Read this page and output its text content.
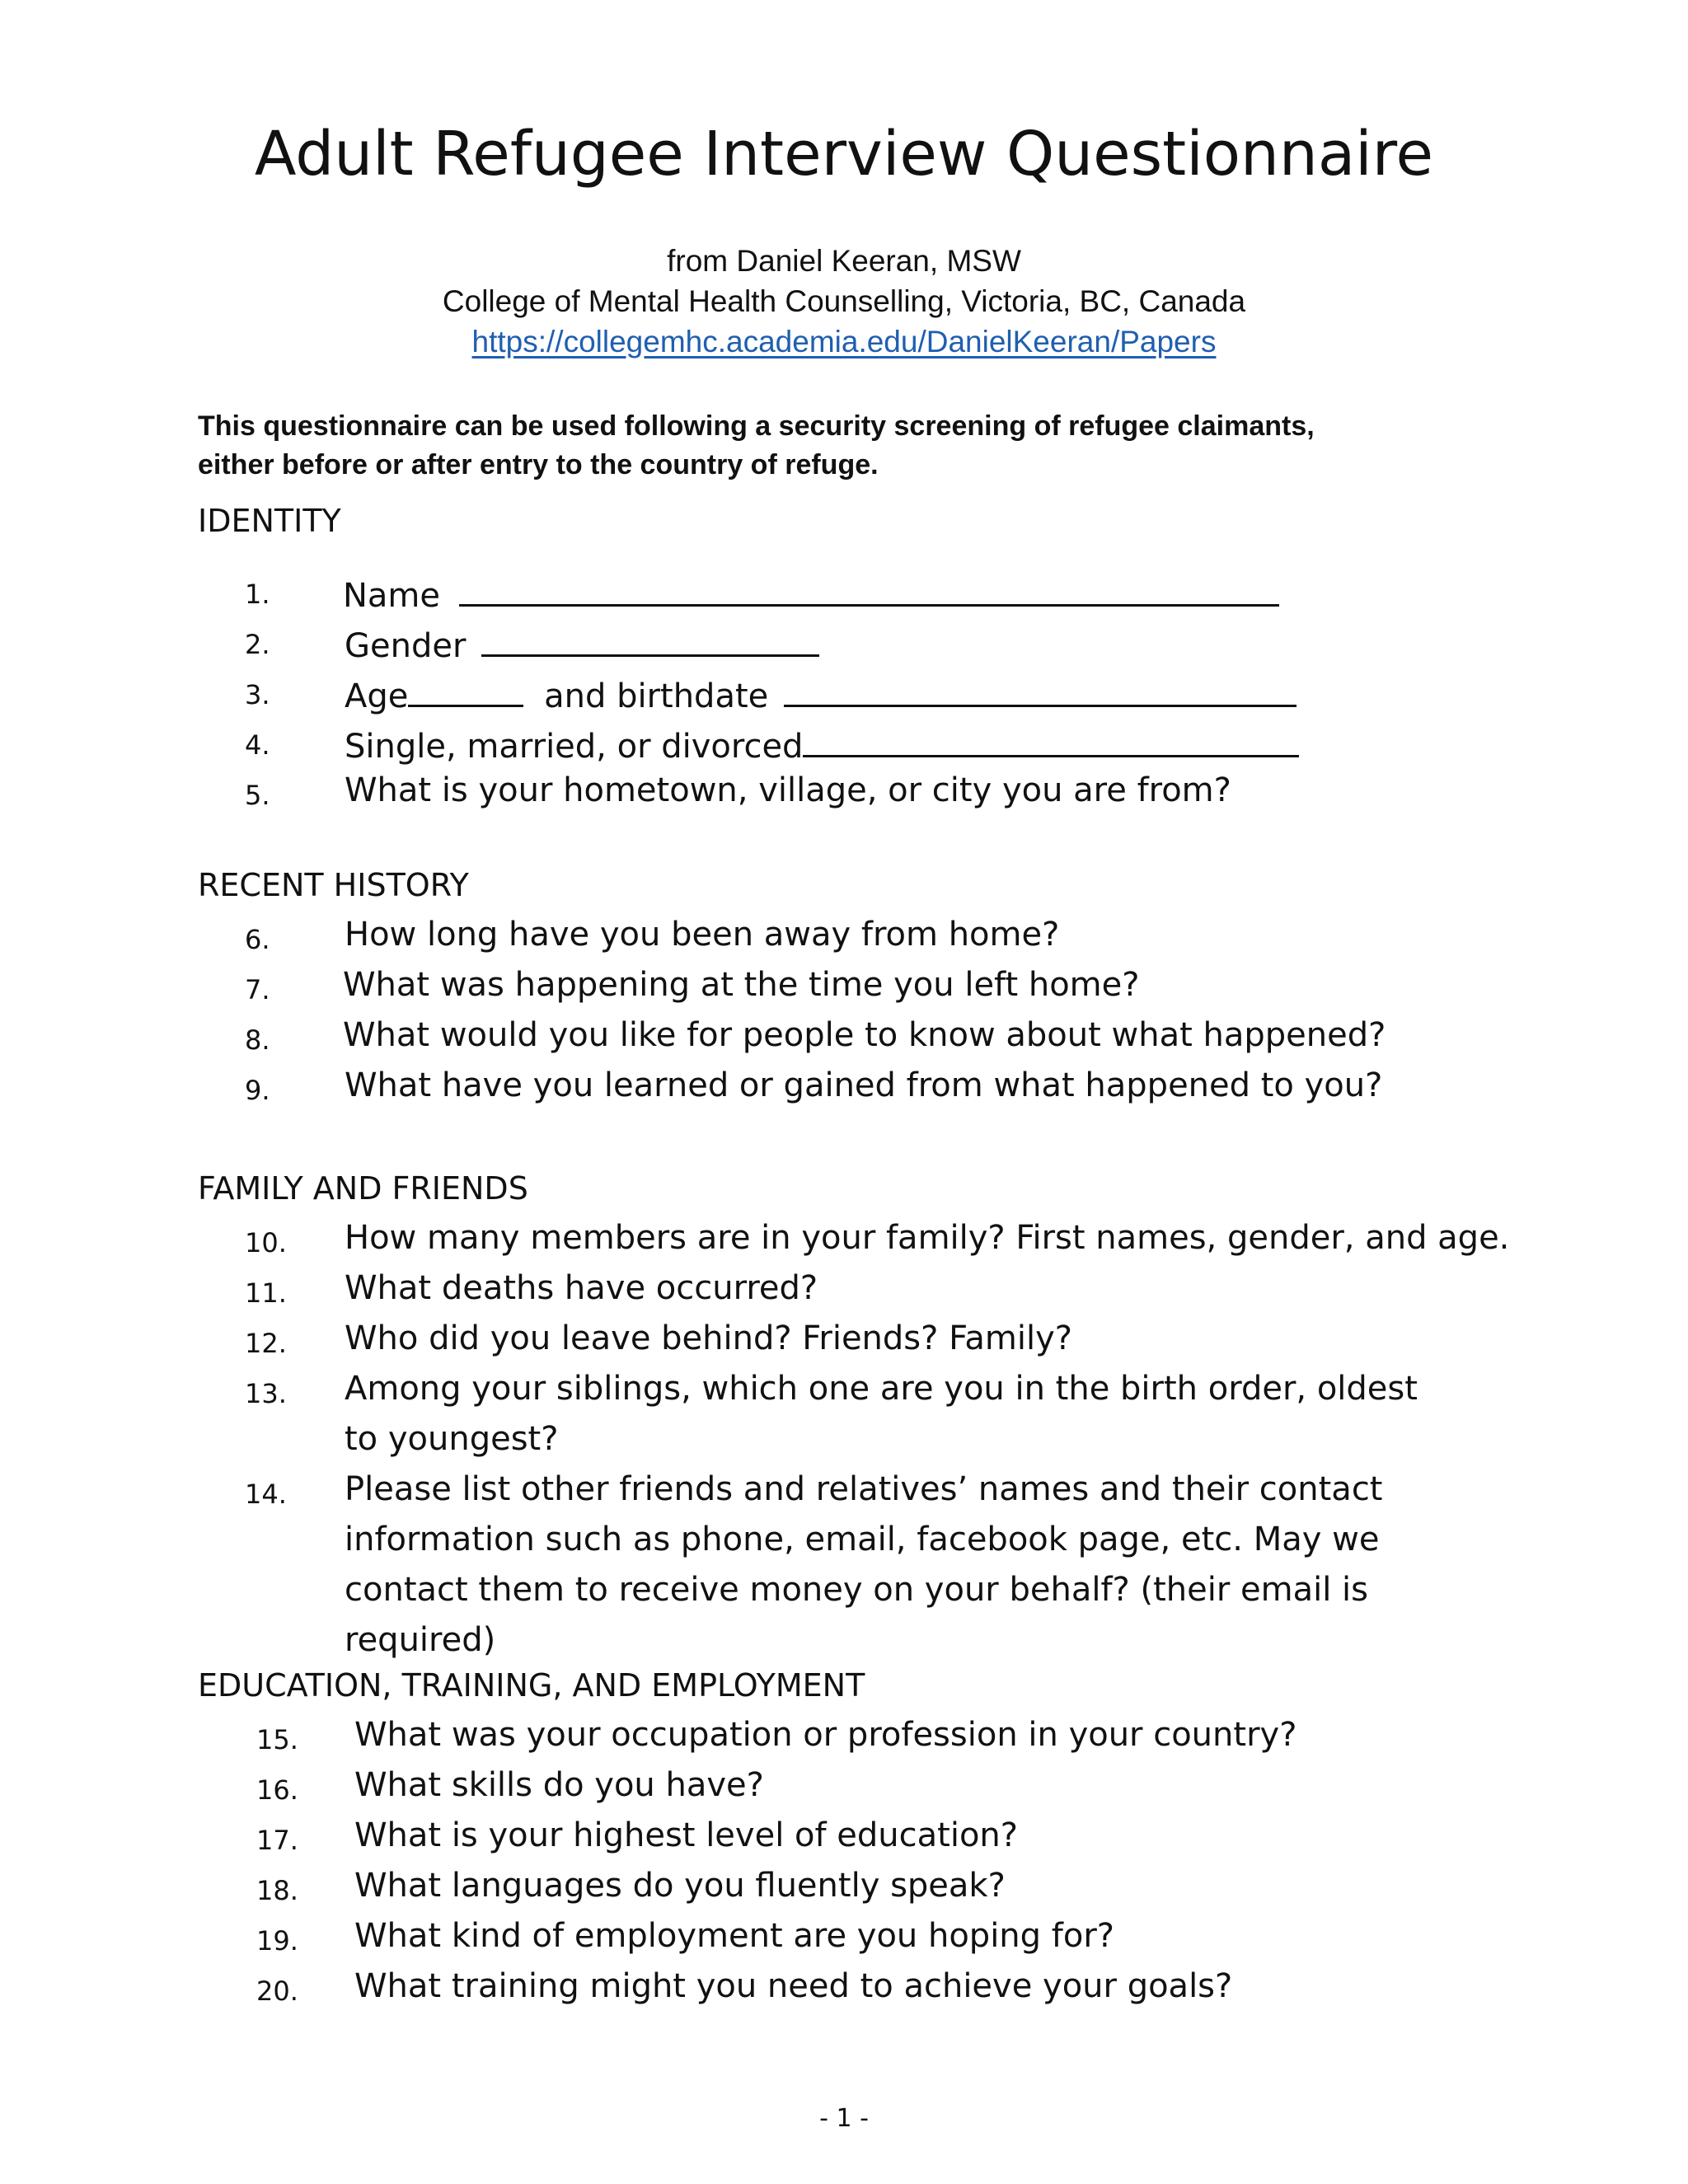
Adult Refugee Interview Questionnaire
from Daniel Keeran, MSW
College of Mental Health Counselling, Victoria, BC, Canada
https://collegemhc.academia.edu/DanielKeeran/Papers
This questionnaire can be used following a security screening of refugee claimants,
either before or after entry to the country of refuge.
IDENTITY
1. Name
2. Gender
3. Age	and birthdate
4. Single, married, or divorced
5. What is your hometown, village, or city you are from?
RECENT HISTORY
6. How long have you been away from home?
7. What was happening at the time you left home?
8. What would you like for people to know about what happened?
9. What have you learned or gained from what happened to you?
FAMILY AND FRIENDS
10. How many members are in your family? First names, gender, and age.
11. What deaths have occurred?
12. Who did you leave behind? Friends? Family?
13. Among your siblings, which one are you in the birth order, oldest to youngest?
14. Please list other friends and relatives’ names and their contact information such as phone, email, facebook page, etc. May we contact them to receive money on your behalf? (their email is required)
EDUCATION, TRAINING, AND EMPLOYMENT
15. What was your occupation or profession in your country?
16. What skills do you have?
17. What is your highest level of education?
18. What languages do you fluently speak?
19. What kind of employment are you hoping for?
20. What training might you need to achieve your goals?
- 1 -
